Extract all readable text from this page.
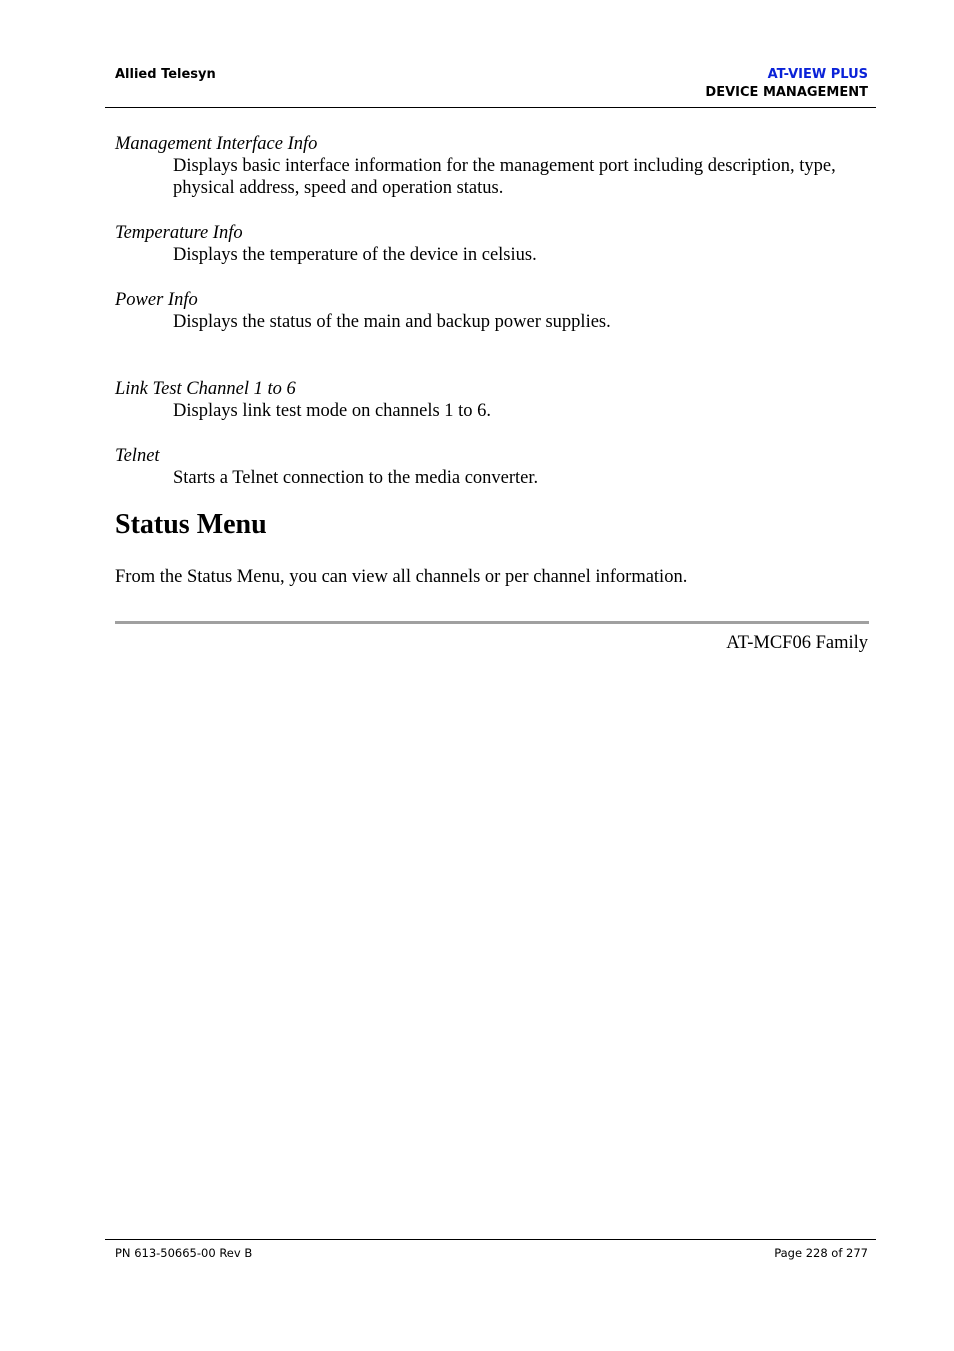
Allied Telesyn	AT-VIEW PLUS
DEVICE MANAGEMENT

Management Interface Info

Displays basic interface information for the management port including description, type, physical address, speed and operation status.

Temperature Info

Displays the temperature of the device in celsius.

Power Info

Displays the status of the main and backup power supplies.

Link Test Channel 1 to 6

Displays link test mode on channels 1 to 6.

Telnet

Starts a Telnet connection to the media converter.

Status Menu

From the Status Menu, you can view all channels or per channel information.

AT-MCF06 Family
PN 613-50665-00 Rev B	Page 228 of 277
